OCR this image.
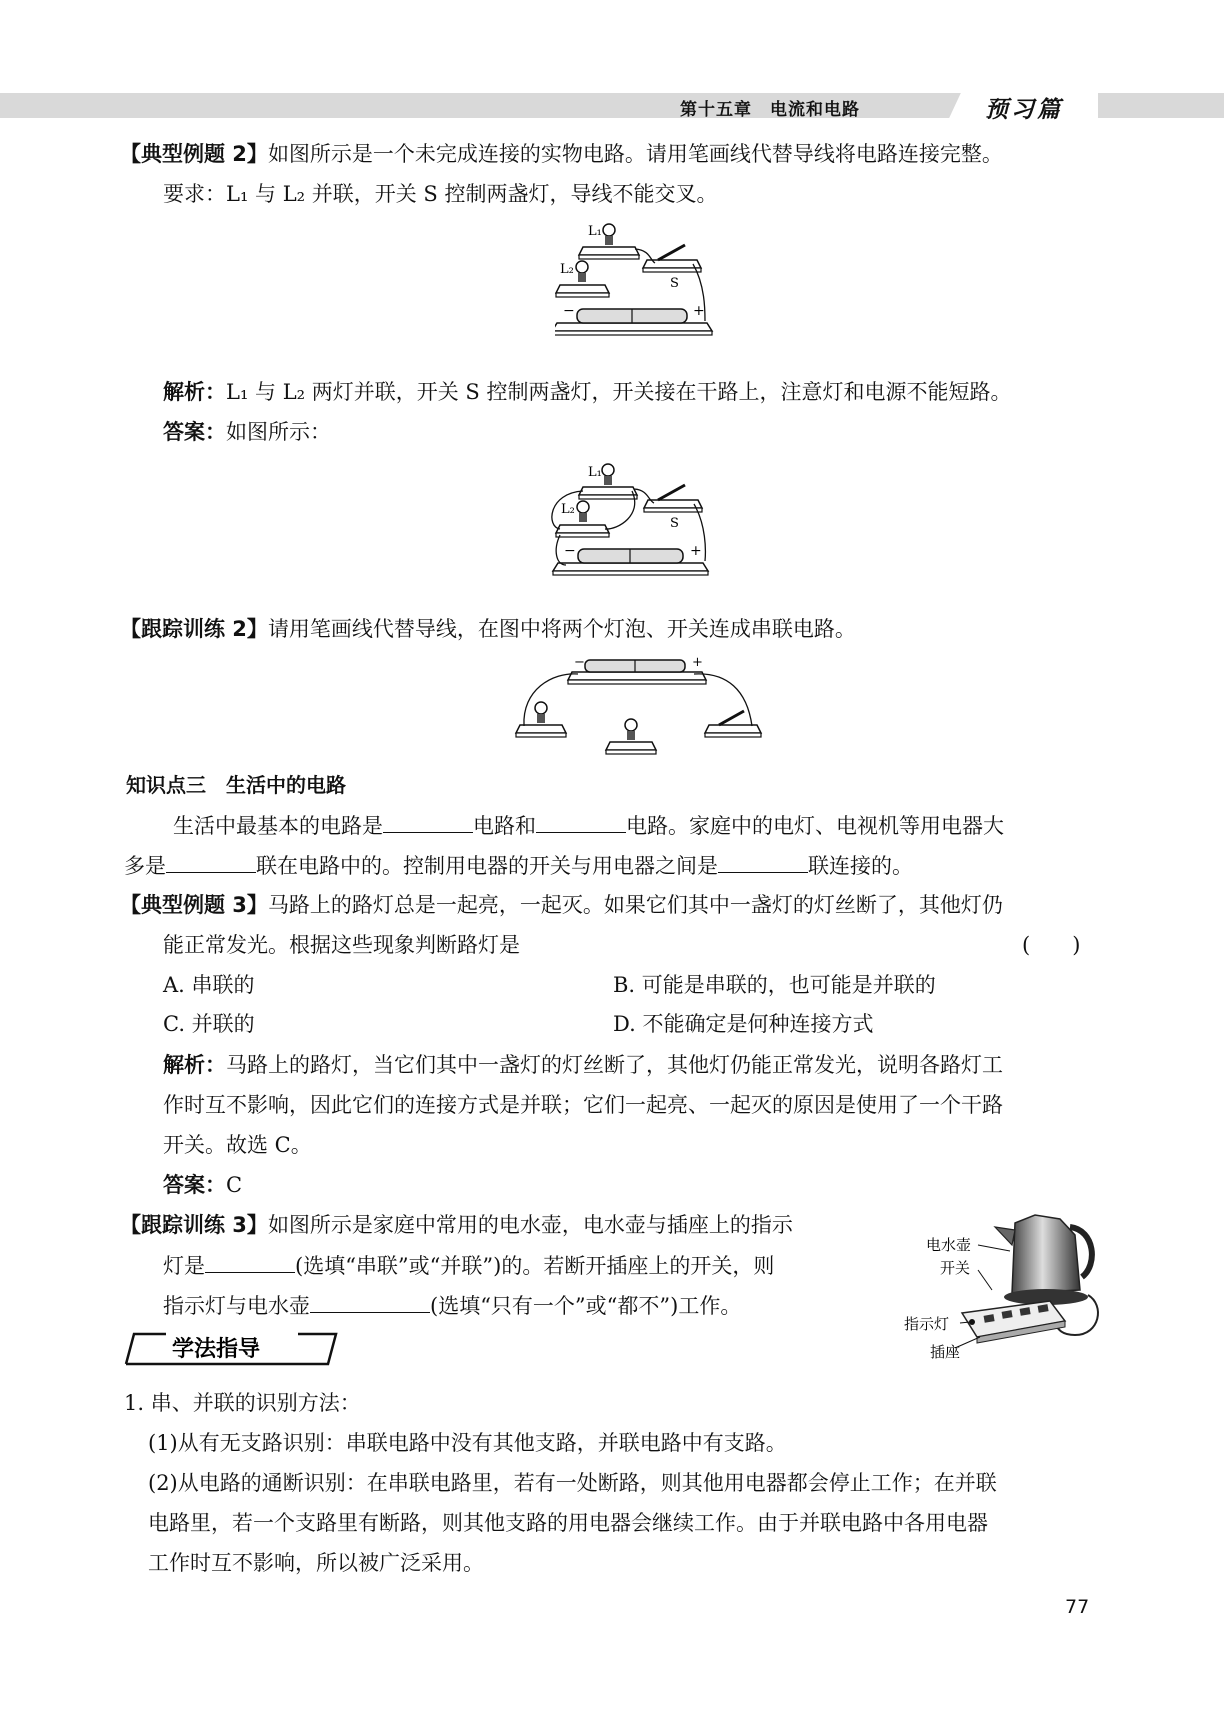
第十五章　电流和电路	预习篇
【典型例题 2】如图所示是一个未完成连接的实物电路。请用笔画线代替导线将电路连接完整。
要求：L₁ 与 L₂ 并联，开关 S 控制两盏灯，导线不能交叉。
L₁
L₂
S
−	+
解析：L₁ 与 L₂ 两灯并联，开关 S 控制两盏灯，开关接在干路上，注意灯和电源不能短路。
答案：如图所示：
L₁
L₂
S
−	+
【跟踪训练 2】请用笔画线代替导线，在图中将两个灯泡、开关连成串联电路。
−	+
知识点三　生活中的电路
生活中最基本的电路是	电路和	电路。家庭中的电灯、电视机等用电器大
多是	联在电路中的。控制用电器的开关与用电器之间是	联连接的。
【典型例题 3】马路上的路灯总是一起亮，一起灭。如果它们其中一盏灯的灯丝断了，其他灯仍
能正常发光。根据这些现象判断路灯是	(　　)
A. 串联的	B. 可能是串联的，也可能是并联的
C. 并联的	D. 不能确定是何种连接方式
解析：马路上的路灯，当它们其中一盏灯的灯丝断了，其他灯仍能正常发光，说明各路灯工
作时互不影响，因此它们的连接方式是并联；它们一起亮、一起灭的原因是使用了一个干路
开关。故选 C。
答案：C
【跟踪训练 3】如图所示是家庭中常用的电水壶，电水壶与插座上的指示
灯是	(选填“串联”或“并联”)的。若断开插座上的开关，则
指示灯与电水壶	(选填“只有一个”或“都不”)工作。
电水壶
开关
指示灯
插座
学法指导
1. 串、并联的识别方法：
(1)从有无支路识别：串联电路中没有其他支路，并联电路中有支路。
(2)从电路的通断识别：在串联电路里，若有一处断路，则其他用电器都会停止工作；在并联
电路里，若一个支路里有断路，则其他支路的用电器会继续工作。由于并联电路中各用电器
工作时互不影响，所以被广泛采用。
77
